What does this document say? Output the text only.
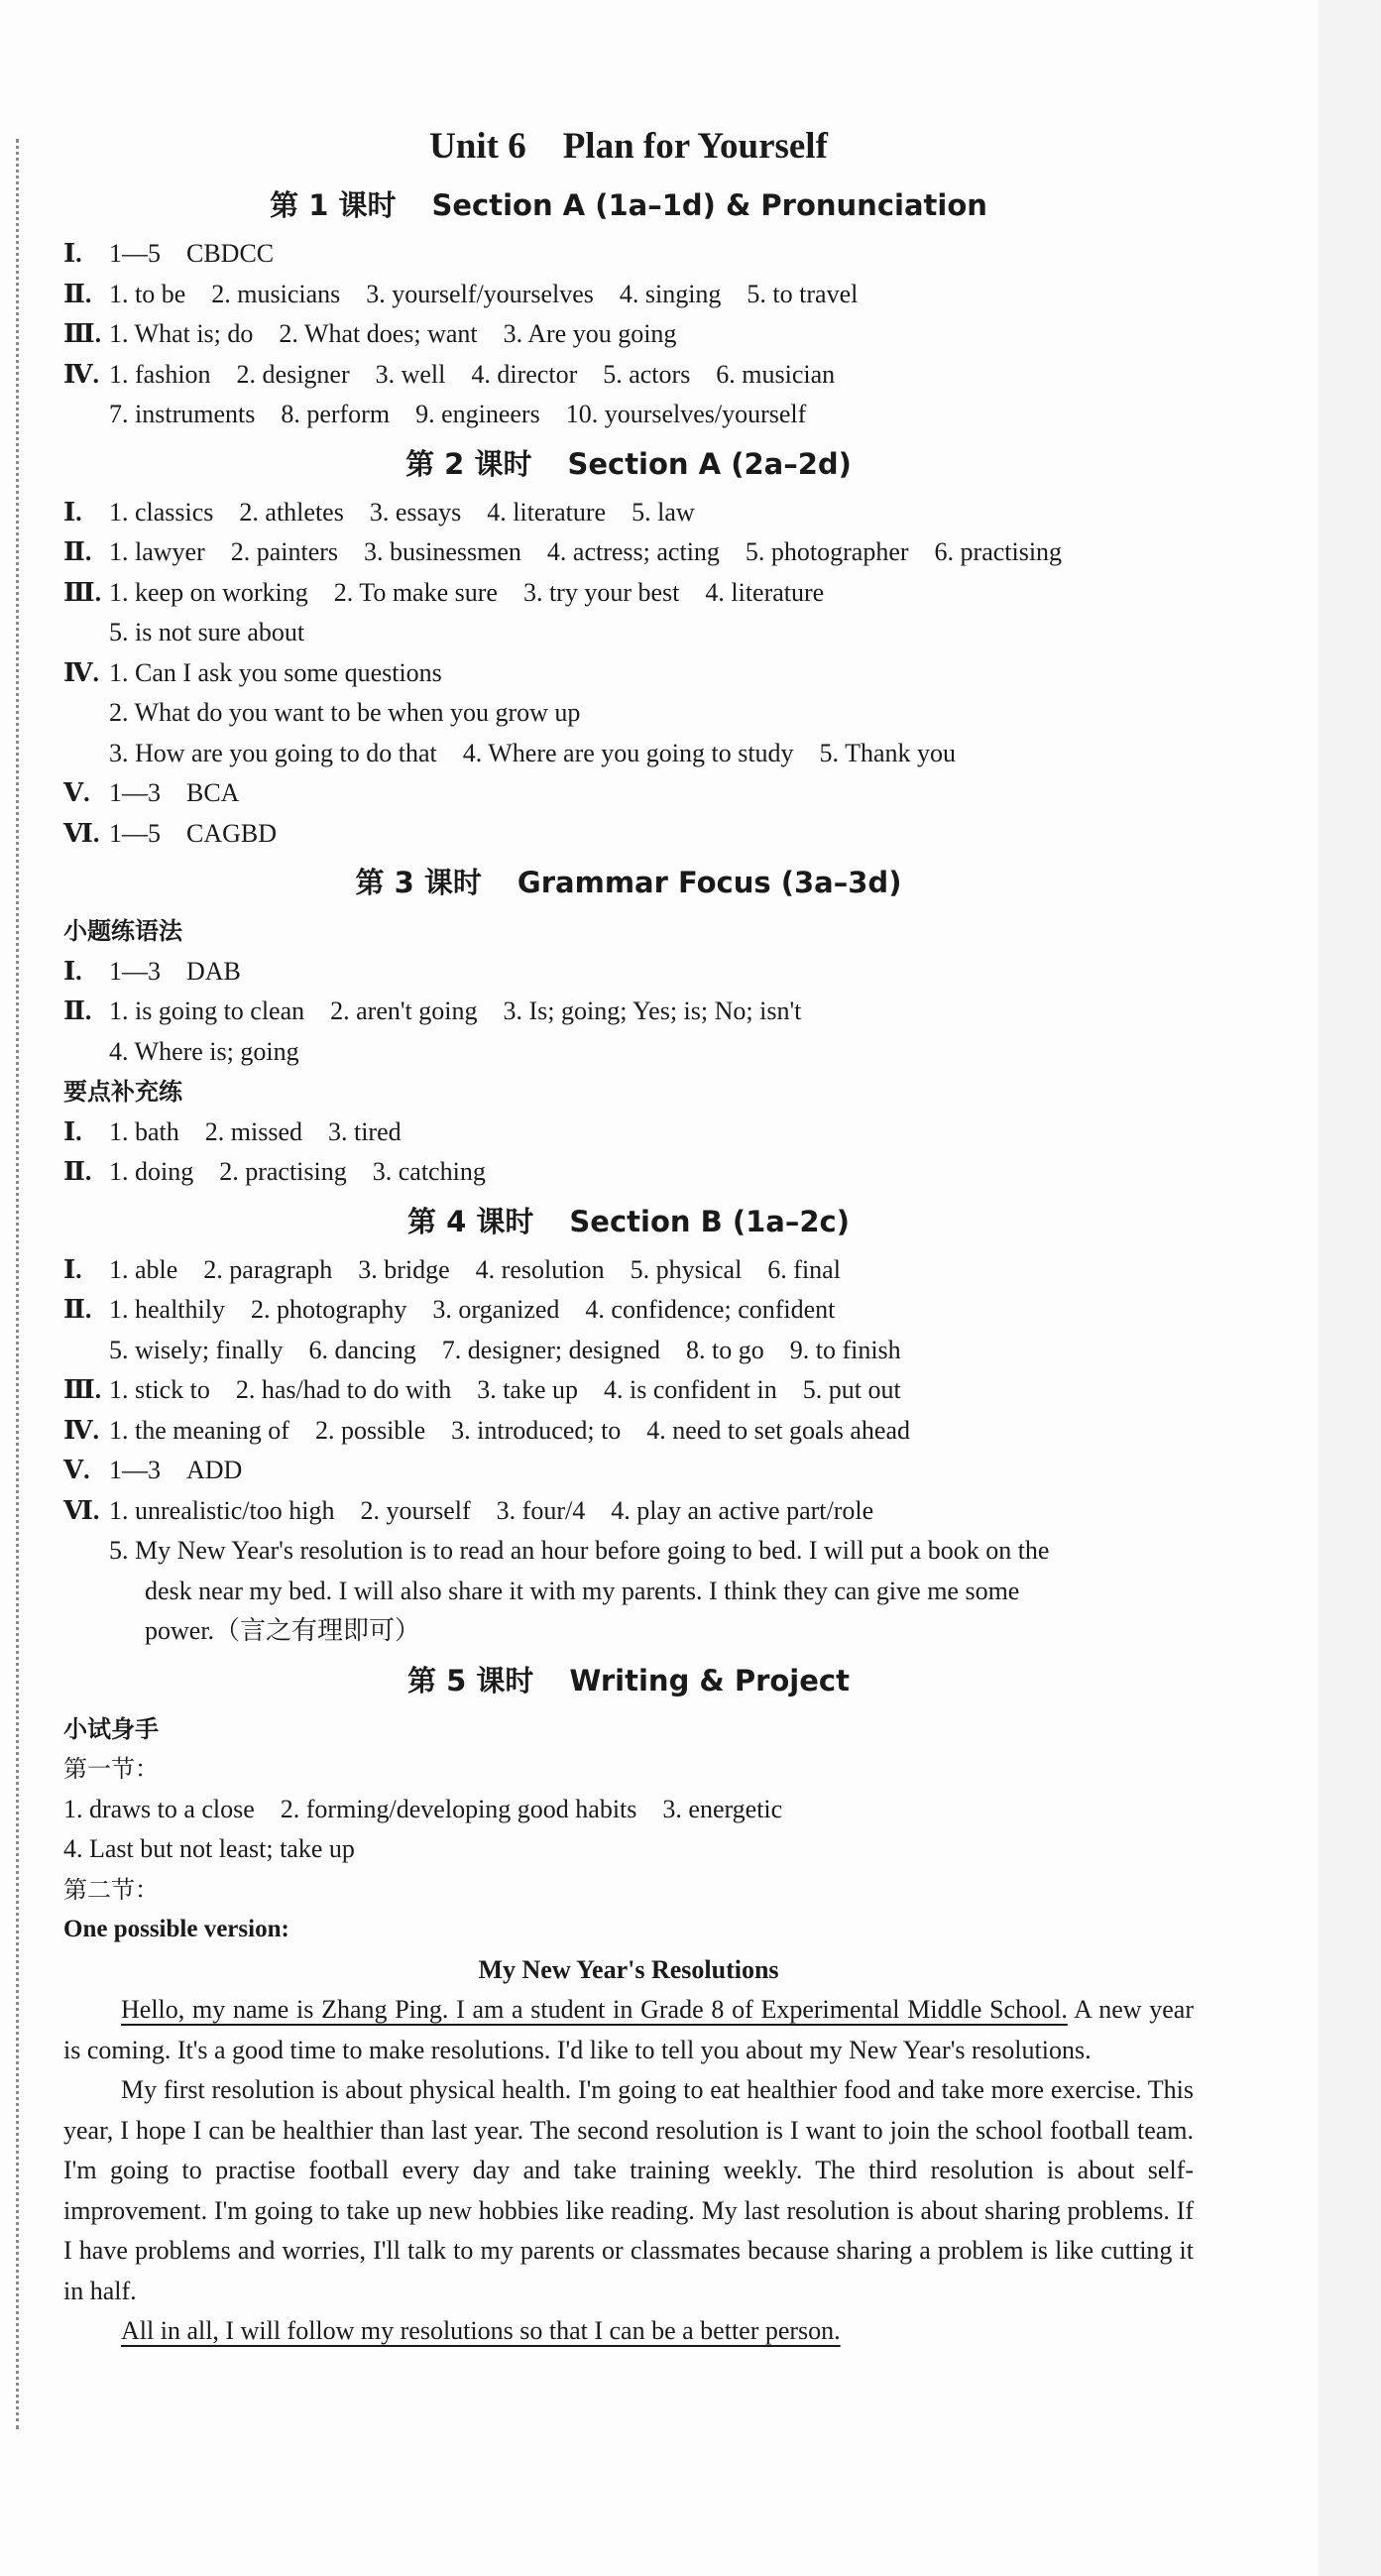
Unit 6　Plan for Yourself
第 1 课时 Section A (1a–1d) & Pronunciation
Ⅰ. 1—5　CBDCC
Ⅱ. 1. to be　2. musicians　3. yourself/yourselves　4. singing　5. to travel
Ⅲ. 1. What is; do　2. What does; want　3. Are you going
Ⅳ. 1. fashion　2. designer　3. well　4. director　5. actors　6. musician
7. instruments　8. perform　9. engineers　10. yourselves/yourself
第 2 课时 Section A (2a–2d)
Ⅰ. 1. classics　2. athletes　3. essays　4. literature　5. law
Ⅱ. 1. lawyer　2. painters　3. businessmen　4. actress; acting　5. photographer　6. practising
Ⅲ. 1. keep on working　2. To make sure　3. try your best　4. literature
5. is not sure about
Ⅳ. 1. Can I ask you some questions
2. What do you want to be when you grow up
3. How are you going to do that　4. Where are you going to study　5. Thank you
Ⅴ. 1—3　BCA
Ⅵ. 1—5　CAGBD
第 3 课时 Grammar Focus (3a–3d)
小题练语法
Ⅰ. 1—3　DAB
Ⅱ. 1. is going to clean　2. aren't going　3. Is; going; Yes; is; No; isn't
4. Where is; going
要点补充练
Ⅰ. 1. bath　2. missed　3. tired
Ⅱ. 1. doing　2. practising　3. catching
第 4 课时 Section B (1a–2c)
Ⅰ. 1. able　2. paragraph　3. bridge　4. resolution　5. physical　6. final
Ⅱ. 1. healthily　2. photography　3. organized　4. confidence; confident
5. wisely; finally　6. dancing　7. designer; designed　8. to go　9. to finish
Ⅲ. 1. stick to　2. has/had to do with　3. take up　4. is confident in　5. put out
Ⅳ. 1. the meaning of　2. possible　3. introduced; to　4. need to set goals ahead
Ⅴ. 1—3　ADD
Ⅵ. 1. unrealistic/too high　2. yourself　3. four/4　4. play an active part/role
5. My New Year's resolution is to read an hour before going to bed. I will put a book on the
desk near my bed. I will also share it with my parents. I think they can give me some
power.（言之有理即可）
第 5 课时 Writing & Project
小试身手
第一节：
1. draws to a close　2. forming/developing good habits　3. energetic
4. Last but not least; take up
第二节：
One possible version:
My New Year's Resolutions

Hello, my name is Zhang Ping. I am a student in Grade 8 of Experimental Middle School. A new year is coming. It's a good time to make resolutions. I'd like to tell you about my New Year's resolutions.

My first resolution is about physical health. I'm going to eat healthier food and take more exercise. This year, I hope I can be healthier than last year. The second resolution is I want to join the school football team. I'm going to practise football every day and take training weekly. The third resolution is about self-improvement. I'm going to take up new hobbies like reading. My last resolution is about sharing problems. If I have problems and worries, I'll talk to my parents or classmates because sharing a problem is like cutting it in half.

All in all, I will follow my resolutions so that I can be a better person.
